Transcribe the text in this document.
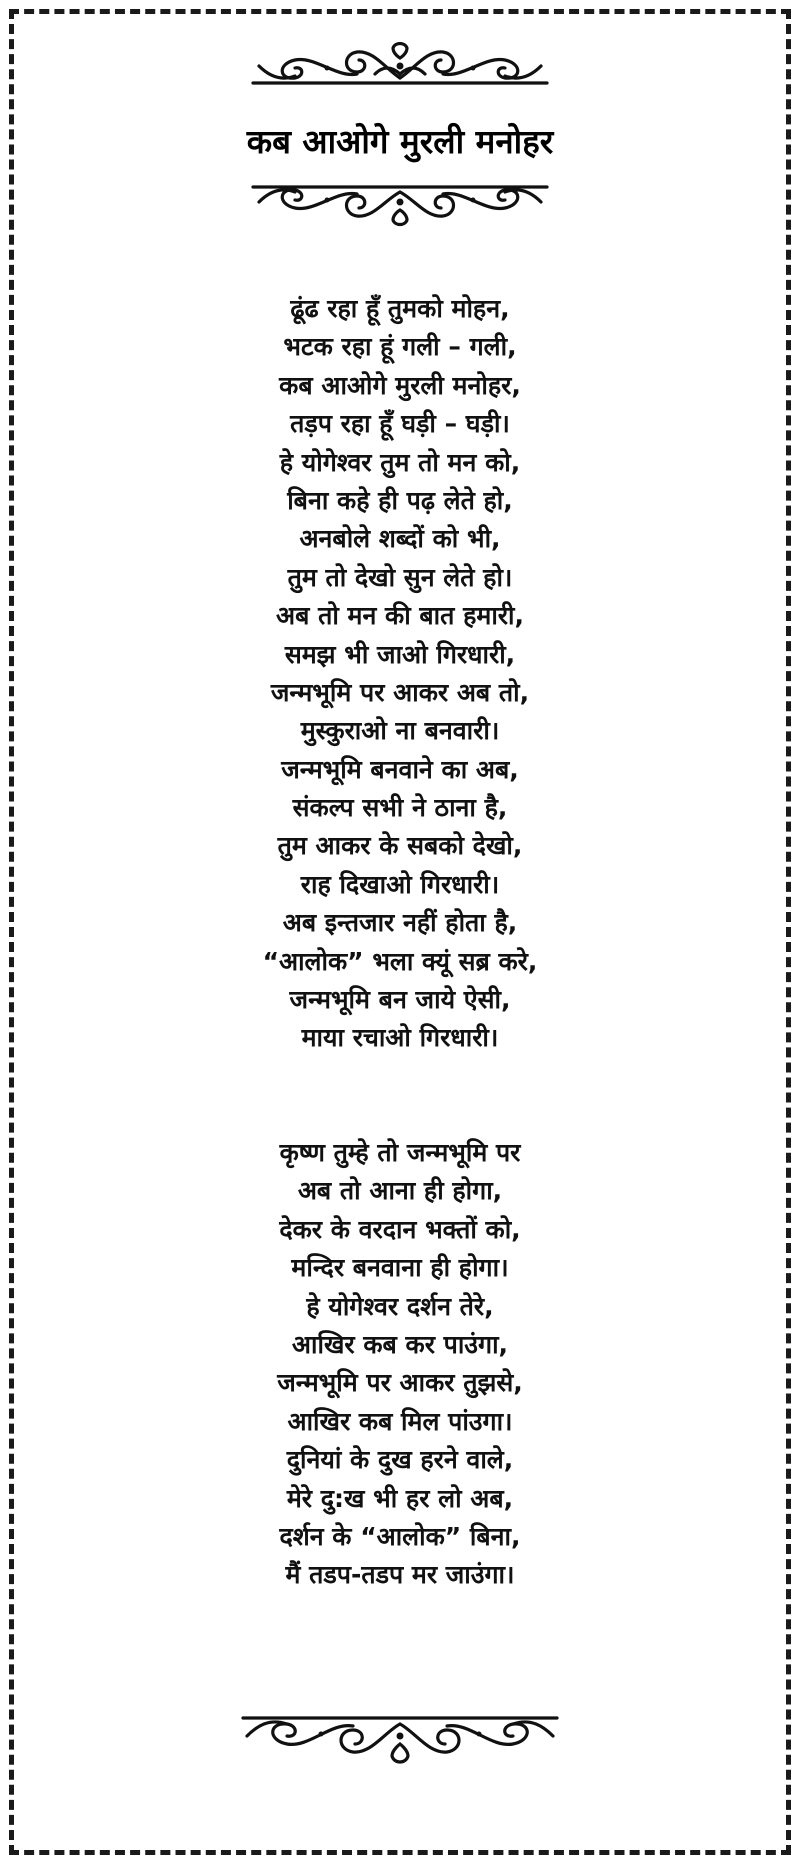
कब आओगे मुरली मनोहर
ढूंढ रहा हूँ तुमको मोहन,
भटक रहा हूं गली – गली,
कब आओगे मुरली मनोहर,
तड़प रहा हूँ घड़ी – घड़ी।
हे योगेश्वर तुम तो मन को,
बिना कहे ही पढ़ लेते हो,
अनबोले शब्दों को भी,
तुम तो देखो सुन लेते हो।
अब तो मन की बात हमारी,
समझ भी जाओ गिरधारी,
जन्मभूमि पर आकर अब तो,
मुस्कुराओ ना बनवारी।
जन्मभूमि बनवाने का अब,
संकल्प सभी ने ठाना है,
तुम आकर के सबको देखो,
राह दिखाओ गिरधारी।
अब इन्तजार नहीं होता है,
“आलोक” भला क्यूं सब्र करे,
जन्मभूमि बन जाये ऐसी,
माया रचाओ गिरधारी।
कृष्ण तुम्हे तो जन्मभूमि पर
अब तो आना ही होगा,
देकर के वरदान भक्तों को,
मन्दिर बनवाना ही होगा।
हे योगेश्वर दर्शन तेरे,
आखिर कब कर पाउंगा,
जन्मभूमि पर आकर तुझसे,
आखिर कब मिल पांउगा।
दुनियां के दुख हरने वाले,
मेरे दु:ख भी हर लो अब,
दर्शन के “आलोक” बिना,
मैं तडप-तडप मर जाउंगा।
